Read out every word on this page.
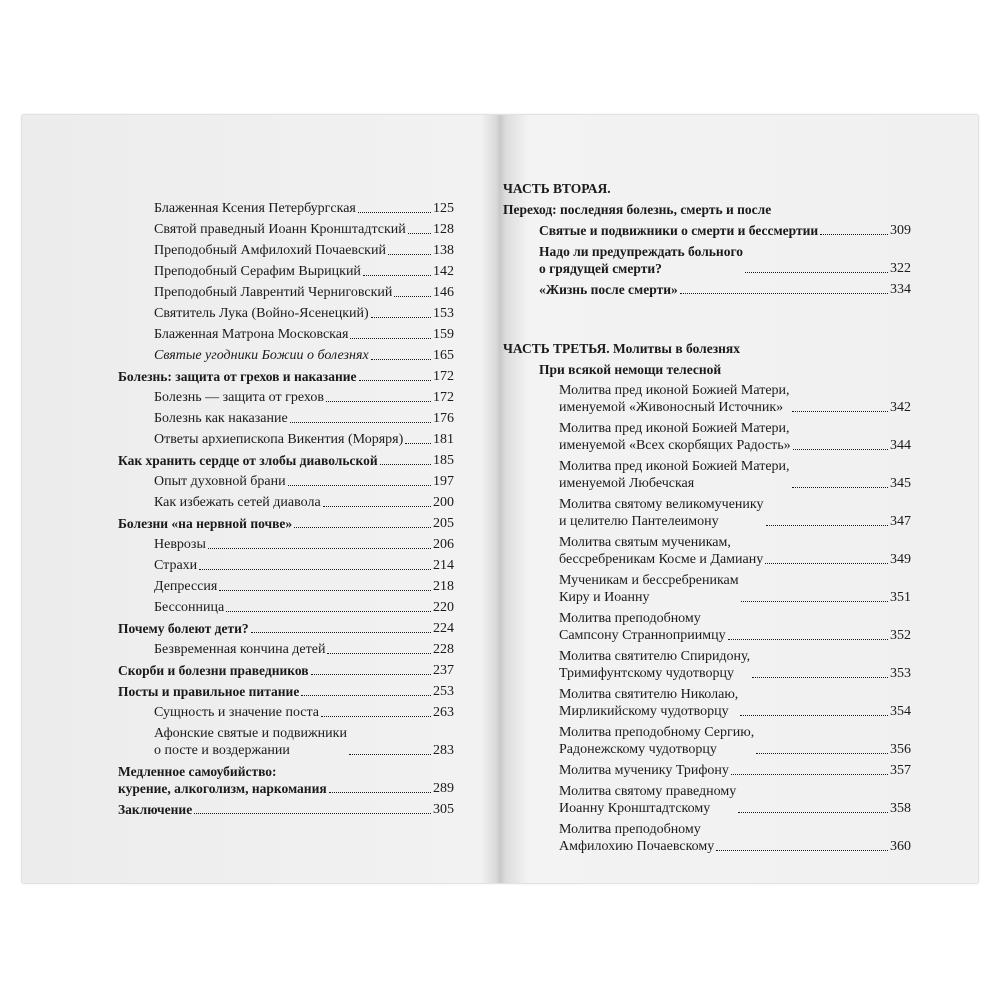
Блаженная Ксения Петербургская	125
Святой праведный Иоанн Кронштадтский 128
Преподобный Амфилохий Почаевский	138
Преподобный Серафим Вырицкий	142
Преподобный Лаврентий Черниговский	146
Святитель Лука (Войно-Ясенецкий)	153
Блаженная Матрона Московская	159
Святые угодники Божии о болезнях	165
Болезнь: защита от грехов и наказание	172
Болезнь — защита от грехов	172
Болезнь как наказание	176
Ответы архиепископа Викентия (Моряря) 181
Как хранить сердце от злобы диавольской	185
Опыт духовной брани	197
Как избежать сетей диавола	200
Болезни «на нервной почве»	205
Неврозы	206
Страхи	214
Депрессия	218
Бессонница	220
Почему болеют дети?	224
Безвременная кончина детей	228
Скорби и болезни праведников	237
Посты и правильное питание	253
Сущность и значение поста	263
Афонские святые и подвижники
о посте и воздержании	283
Медленное самоубийство:
курение, алкоголизм, наркомания	289
Заключение	305
ЧАСТЬ ВТОРАЯ.
Переход: последняя болезнь, смерть и после
Святые и подвижники о смерти и бессмертии	309
Надо ли предупреждать больного
о грядущей смерти?	322
«Жизнь после смерти»	334
ЧАСТЬ ТРЕТЬЯ. Молитвы в болезнях
При всякой немощи телесной
Молитва пред иконой Божией Матери,
именуемой «Живоносный Источник»	342
Молитва пред иконой Божией Матери,
именуемой «Всех скорбящих Радость»	344
Молитва пред иконой Божией Матери,
именуемой Любечская	345
Молитва святому великомученику
и целителю Пантелеимону	347
Молитва святым мученикам,
бессребреникам Косме и Дамиану	349
Мученикам и бессребреникам
Киру и Иоанну	351
Молитва преподобному
Сампсону Странноприимцу	352
Молитва святителю Спиридону,
Тримифунтскому чудотворцу	353
Молитва святителю Николаю,
Мирликийскому чудотворцу	354
Молитва преподобному Сергию,
Радонежскому чудотворцу	356
Молитва мученику Трифону	357
Молитва святому праведному
Иоанну Кронштадтскому	358
Молитва преподобному
Амфилохию Почаевскому	360
